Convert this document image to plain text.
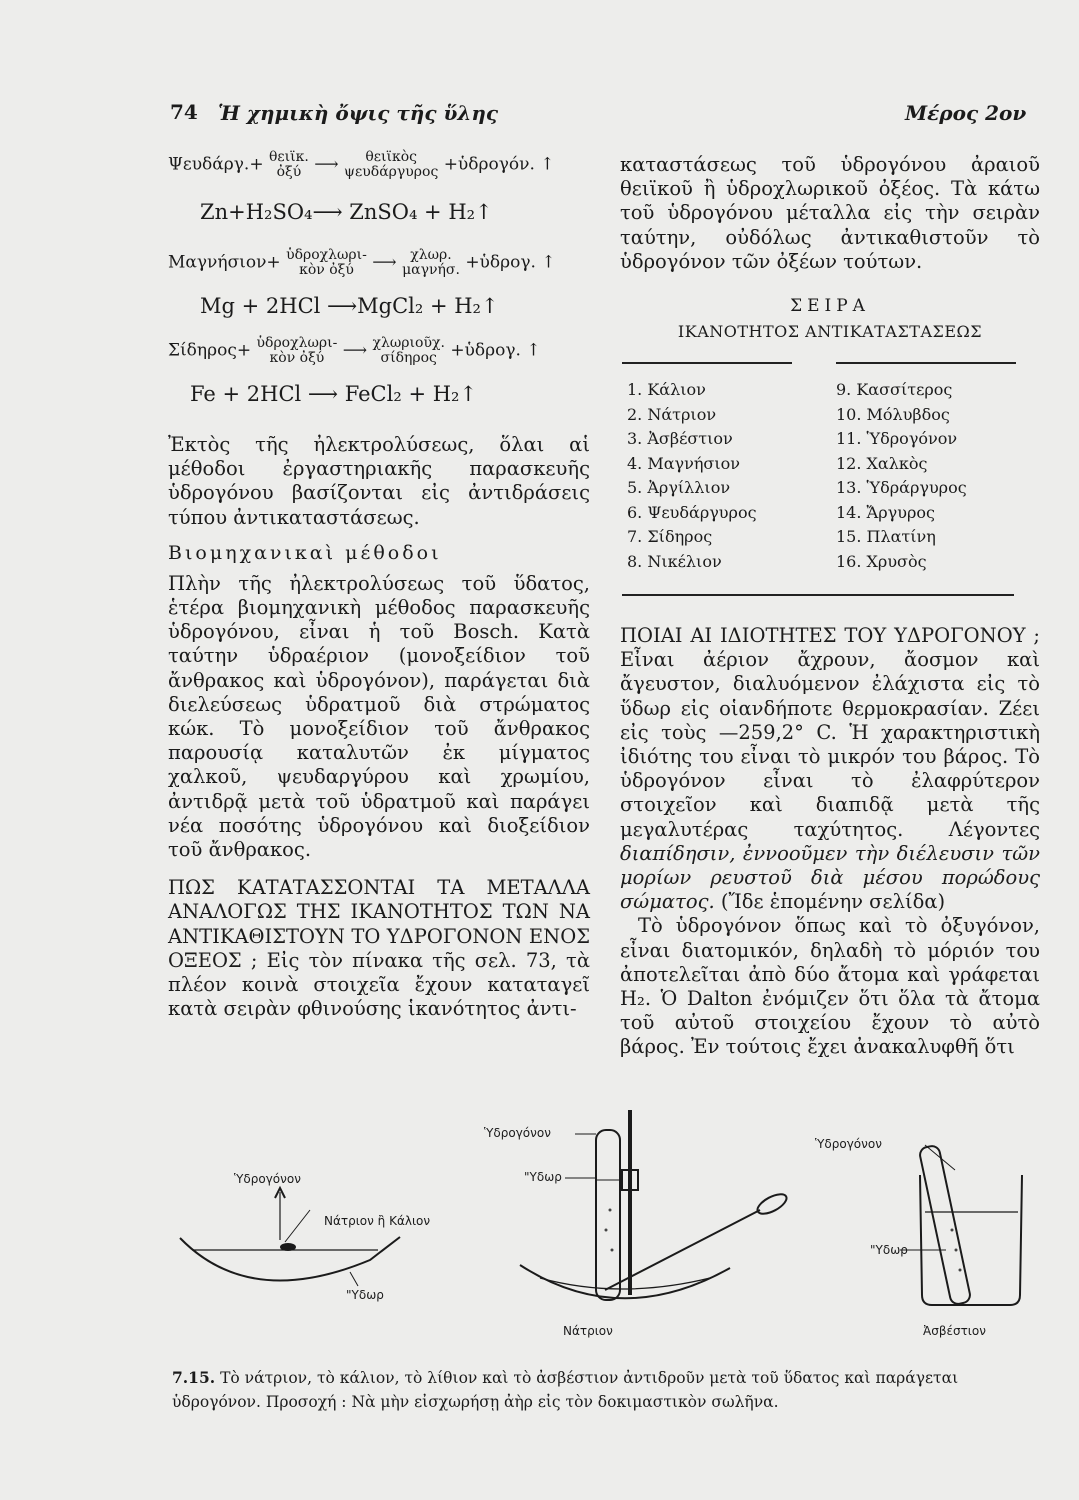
74 Ἡ χημικὴ ὄψις τῆς ὕλης	Μέρος 2ον
Ψευδάργ.+ θειϊκ.
ὀξύ ⟶ θειϊκὸς
ψευδάργυρος +ὑδρογόν. ↑
Zn+H₂SO₄⟶ ZnSO₄ + H₂↑
Μαγνήσιον+ ὑδροχλωρι-
κὸν ὀξύ ⟶ χλωρ.
μαγνήσ. +ὑδρογ. ↑
Mg + 2HCl ⟶MgCl₂ + H₂↑
Σίδηρος+ ὑδροχλωρι-
κὸν ὀξύ ⟶ χλωριοῦχ.
σίδηρος +ὑδρογ. ↑
Fe + 2HCl ⟶ FeCl₂ + H₂↑

Ἐκτὸς τῆς ἠλεκτρολύσεως, ὅλαι αἱ μέθοδοι ἐργαστηριακῆς παρασκευῆς ὑδρογόνου βασίζονται εἰς ἀντιδράσεις τύπου ἀντικαταστάσεως.

Βιομηχανικαὶ μέθοδοι

Πλὴν τῆς ἠλεκτρολύσεως τοῦ ὕδατος, ἑτέρα βιομηχανικὴ μέθοδος παρασκευῆς ὑδρογόνου, εἶναι ἡ τοῦ Bosch. Κατὰ ταύτην ὑδραέριον (μονοξείδιον τοῦ ἄνθρακος καὶ ὑδρογόνον), παράγεται διὰ διελεύσεως ὑδρατμοῦ διὰ στρώματος κώκ. Τὸ μονοξείδιον τοῦ ἄνθρακος παρουσίᾳ καταλυτῶν ἐκ μίγματος χαλκοῦ, ψευδαργύρου καὶ χρωμίου, ἀντιδρᾷ μετὰ τοῦ ὑδρατμοῦ καὶ παράγει νέα ποσότης ὑδρογόνου καὶ διοξείδιον τοῦ ἄνθρακος.

ΠΩΣ ΚΑΤΑΤΑΣΣΟΝΤΑΙ ΤΑ ΜΕΤΑΛΛΑ ΑΝΑΛΟΓΩΣ ΤΗΣ ΙΚΑΝΟΤΗΤΟΣ ΤΩΝ ΝΑ ΑΝΤΙΚΑΘΙΣΤΟΥΝ ΤΟ ΥΔΡΟΓΟΝΟΝ ΕΝΟΣ ΟΞΕΟΣ ; Εἰς τὸν πίνακα τῆς σελ. 73, τὰ πλέον κοινὰ στοιχεῖα ἔχουν καταταγεῖ κατὰ σειρὰν φθινούσης ἱκανότητος ἀντι-

καταστάσεως τοῦ ὑδρογόνου ἀραιοῦ θειϊκοῦ ἢ ὑδροχλωρικοῦ ὀξέος. Τὰ κάτω τοῦ ὑδρογόνου μέταλλα εἰς τὴν σειρὰν ταύτην, οὐδόλως ἀντικαθιστοῦν τὸ ὑδρογόνον τῶν ὀξέων τούτων.

ΣΕΙΡΑ
ΙΚΑΝΟΤΗΤΟΣ ΑΝΤΙΚΑΤΑΣΤΑΣΕΩΣ
1. Κάλιον
2. Νάτριον
3. Ἀσβέστιον
4. Μαγνήσιον
5. Ἀργίλλιον
6. Ψευδάργυρος
7. Σίδηρος
8. Νικέλιον
9. Κασσίτερος
10. Μόλυβδος
11. Ὑδρογόνον
12. Χαλκὸς
13. Ὑδράργυρος
14. Ἄργυρος
15. Πλατίνη
16. Χρυσὸς

ΠΟΙΑΙ ΑΙ ΙΔΙΟΤΗΤΕΣ ΤΟΥ ΥΔΡΟΓΟΝΟΥ ; Εἶναι ἀέριον ἄχρουν, ἄοσμον καὶ ἄγευστον, διαλυόμενον ἐλάχιστα εἰς τὸ ὕδωρ εἰς οἱανδήποτε θερμοκρασίαν. Ζέει εἰς τοὺς —259,2° C. Ἡ χαρακτηριστικὴ ἰδιότης του εἶναι τὸ μικρόν του βάρος. Τὸ ὑδρογόνον εἶναι τὸ ἐλαφρύτερον στοιχεῖον καὶ διαπιδᾷ μετὰ τῆς μεγαλυτέρας ταχύτητος. Λέγοντες διαπίδησιν, ἐννοοῦμεν τὴν διέλευσιν τῶν μορίων ρευστοῦ διὰ μέσου πορώδους σώματος. (Ἴδε ἑπομένην σελίδα)

Τὸ ὑδρογόνον ὅπως καὶ τὸ ὀξυγόνον, εἶναι διατομικόν, δηλαδὴ τὸ μόριόν του ἀποτελεῖται ἀπὸ δύο ἄτομα καὶ γράφεται H₂. Ὁ Dalton ἐνόμιζεν ὅτι ὅλα τὰ ἄτομα τοῦ αὐτοῦ στοιχείου ἔχουν τὸ αὐτὸ βάρος. Ἐν τούτοις ἔχει ἀνακαλυφθῆ ὅτι

Ὑδρογόνον
Νάτριον ἢ Κάλιον
"Υδωρ
Ὑδρογόνον
"Υδωρ
Νάτριον
Ὑδρογόνον
"Υδωρ
Ἀσβέστιον
7.15. Τὸ νάτριον, τὸ κάλιον, τὸ λίθιον καὶ τὸ ἀσβέστιον ἀντιδροῦν μετὰ τοῦ ὕδατος καὶ παράγεται ὑδρογόνον. Προσοχή : Νὰ μὴν εἰσχωρήσῃ ἀὴρ εἰς τὸν δοκιμαστικὸν σωλῆνα.
